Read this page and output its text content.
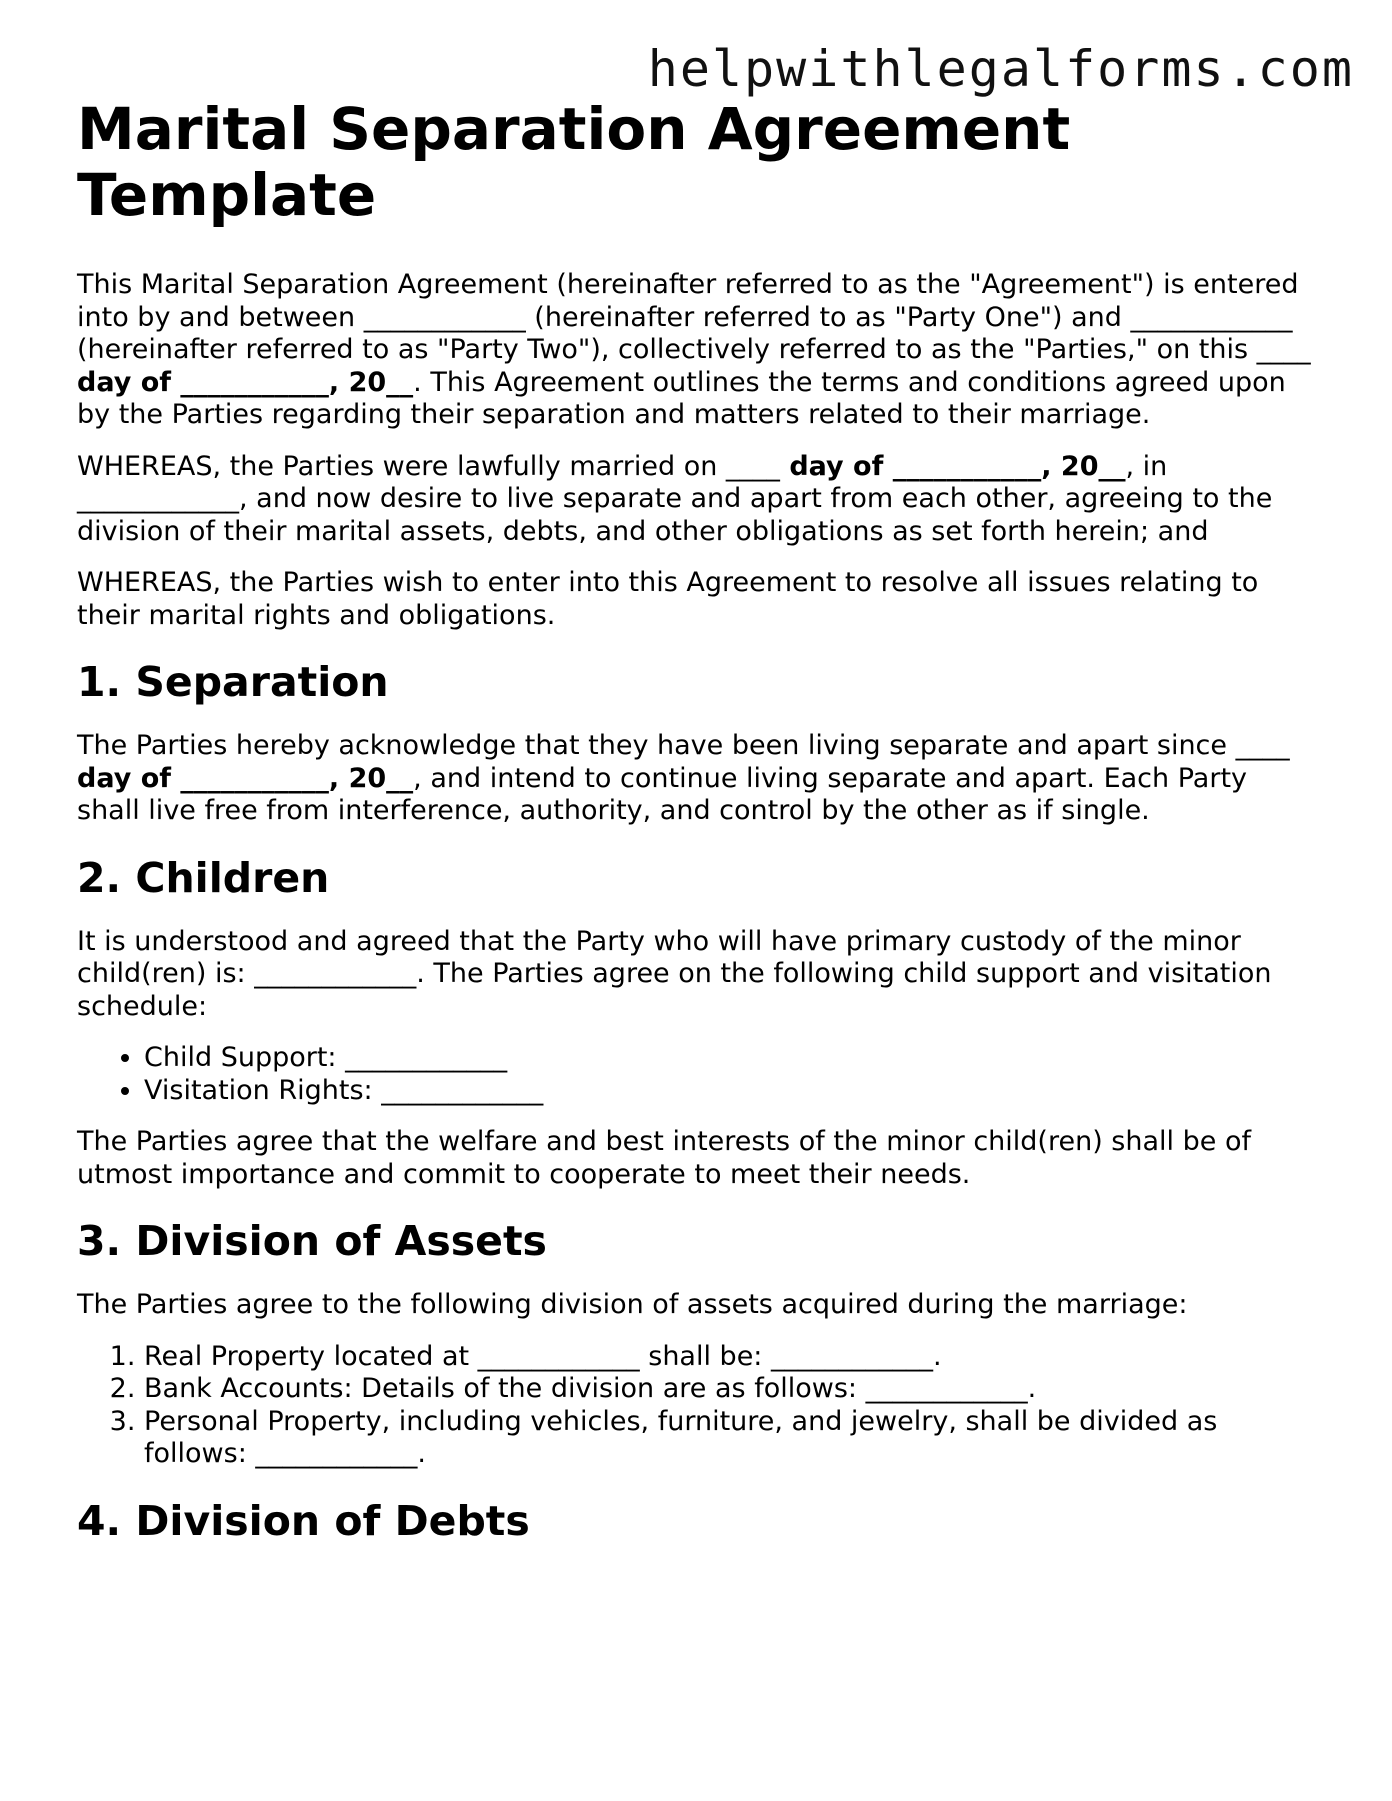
helpwithlegalforms.com
Marital Separation Agreement Template

This Marital Separation Agreement (hereinafter referred to as the "Agreement") is entered into by and between ____________ (hereinafter referred to as "Party One") and ____________ (hereinafter referred to as "Party Two"), collectively referred to as the "Parties," on this ____ day of ___________, 20__. This Agreement outlines the terms and conditions agreed upon by the Parties regarding their separation and matters related to their marriage.

WHEREAS, the Parties were lawfully married on ____ day of ___________, 20__, in ____________, and now desire to live separate and apart from each other, agreeing to the division of their marital assets, debts, and other obligations as set forth herein; and

WHEREAS, the Parties wish to enter into this Agreement to resolve all issues relating to their marital rights and obligations.

1. Separation

The Parties hereby acknowledge that they have been living separate and apart since ____ day of ___________, 20__, and intend to continue living separate and apart. Each Party shall live free from interference, authority, and control by the other as if single.

2. Children

It is understood and agreed that the Party who will have primary custody of the minor child(ren) is: ____________. The Parties agree on the following child support and visitation schedule:

• Child Support: ____________
• Visitation Rights: ____________

The Parties agree that the welfare and best interests of the minor child(ren) shall be of utmost importance and commit to cooperate to meet their needs.

3. Division of Assets

The Parties agree to the following division of assets acquired during the marriage:

1. Real Property located at ____________ shall be: ____________.
2. Bank Accounts: Details of the division are as follows: ____________.
3. Personal Property, including vehicles, furniture, and jewelry, shall be divided as follows: ____________.
4. Division of Debts
